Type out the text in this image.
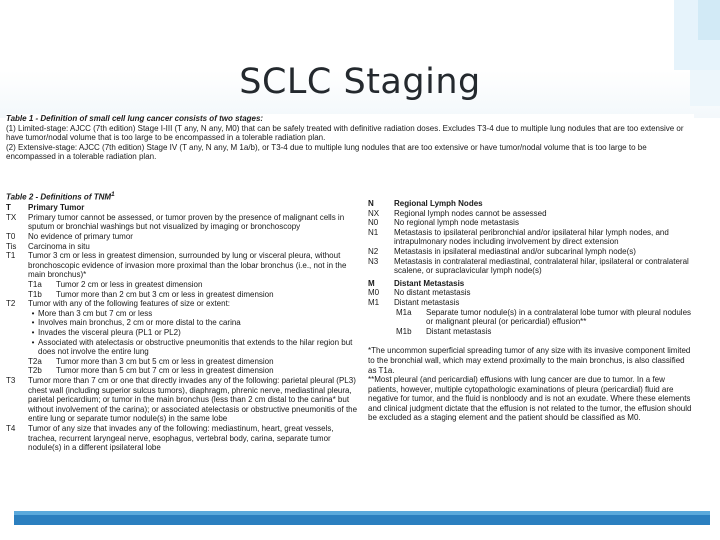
SCLC Staging
Table 1 - Definition of small cell lung cancer consists of two stages:

(1) Limited-stage: AJCC (7th edition) Stage I-III (T any, N any, M0) that can be safely treated with definitive radiation doses. Excludes T3-4 due to multiple lung nodules that are too extensive or have tumor/nodal volume that is too large to be encompassed in a tolerable radiation plan.

(2) Extensive-stage: AJCC (7th edition) Stage IV (T any, N any, M 1a/b), or T3-4 due to multiple lung nodules that are too extensive or have tumor/nodal volume that is too large to be encompassed in a tolerable radiation plan.

Table 2 - Definitions of TNM$^1$
T	Primary Tumor
TX	Primary tumor cannot be assessed, or tumor proven by the presence of malignant cells in sputum or bronchial washings but not visualized by imaging or bronchoscopy
T0	No evidence of primary tumor
Tis	Carcinoma in situ
T1	Tumor 3 cm or less in greatest dimension, surrounded by lung or visceral pleura, without bronchoscopic evidence of invasion more proximal than the lobar bronchus (i.e., not in the main bronchus)*
T1a	Tumor 2 cm or less in greatest dimension
T1b	Tumor more than 2 cm but 3 cm or less in greatest dimension
T2	Tumor with any of the following features of size or extent:
• More than 3 cm but 7 cm or less
• Involves main bronchus, 2 cm or more distal to the carina
• Invades the visceral pleura (PL1 or PL2)
• Associated with atelectasis or obstructive pneumonitis that extends to the hilar region but does not involve the entire lung
T2a	Tumor more than 3 cm but 5 cm or less in greatest dimension
T2b	Tumor more than 5 cm but 7 cm or less in greatest dimension
T3	Tumor more than 7 cm or one that directly invades any of the following: parietal pleural (PL3) chest wall (including superior sulcus tumors), diaphragm, phrenic nerve, mediastinal pleura, parietal pericardium; or tumor in the main bronchus (less than 2 cm distal to the carina* but without involvement of the carina); or associated atelectasis or obstructive pneumonitis of the entire lung or separate tumor nodule(s) in the same lobe
T4	Tumor of any size that invades any of the following: mediastinum, heart, great vessels, trachea, recurrent laryngeal nerve, esophagus, vertebral body, carina, separate tumor nodule(s) in a different ipsilateral lobe
N	Regional Lymph Nodes
NX	Regional lymph nodes cannot be assessed
N0	No regional lymph node metastasis
N1	Metastasis to ipsilateral peribronchial and/or ipsilateral hilar lymph nodes, and intrapulmonary nodes including involvement by direct extension
N2	Metastasis in ipsilateral mediastinal and/or subcarinal lymph node(s)
N3	Metastasis in contralateral mediastinal, contralateral hilar, ipsilateral or contralateral scalene, or supraclavicular lymph node(s)
M	Distant Metastasis
M0	No distant metastasis
M1	Distant metastasis
M1a	Separate tumor nodule(s) in a contralateral lobe tumor with pleural nodules or malignant pleural (or pericardial) effusion**
M1b	Distant metastasis

*The uncommon superficial spreading tumor of any size with its invasive component limited to the bronchial wall, which may extend proximally to the main bronchus, is also classified as T1a.

**Most pleural (and pericardial) effusions with lung cancer are due to tumor. In a few patients, however, multiple cytopathologic examinations of pleura (pericardial) fluid are negative for tumor, and the fluid is nonbloody and is not an exudate. Where these elements and clinical judgment dictate that the effusion is not related to the tumor, the effusion should be excluded as a staging element and the patient should be classified as M0.
